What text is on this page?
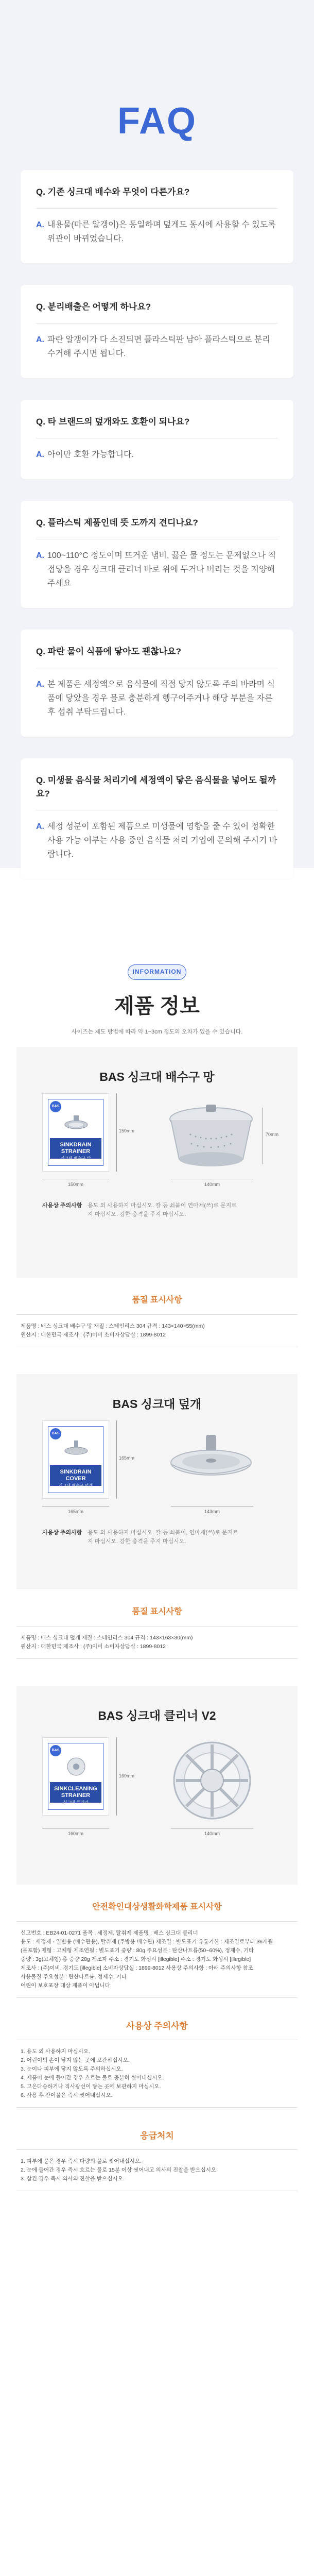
FAQ
Q. 기존 싱크대 배수와 무엇이 다른가요?
A. 내용물(마른 알갱이)은 동일하며 덮게도 동시에 사용할 수 있도록 위관이 바뀌었습니다.
Q. 분리배출은 어떻게 하나요?
A. 파란 알갱이가 다 소진되면 플라스틱판 남아 플라스틱으로 분리수거해 주시면 됩니다.
Q. 타 브랜드의 덮개와도 호환이 되나요?
A. 아이만 호환 가능합니다.
Q. 플라스틱 제품인데 뜻 도까지 견디나요?
A. 100~110°C 정도이며 뜨거운 냄비, 끓은 물 정도는 문제없으나 직접닿을 경우 싱크대 클리너 바로 위에 두거나 버리는 것을 지양해 주세요
Q. 파란 물이 식품에 닿아도 괜찮나요?
A. 본 제품은 세정액으로 음식물에 직접 닿지 않도록 주의 바라며 식품에 닿았을 경우 물로 충분하게 헹구어주거나 해당 부분을 자른 후 섭취 부탁드립니다.
Q. 미생물 음식물 처리기에 세정액이 닿은 음식물을 넣어도 될까요?
A. 세정 성분이 포함된 제품으로 미생물에 영향을 줄 수 있어 정확한 사용 가능 여부는 사용 중인 음식물 처리 기업에 문의해 주시기 바랍니다.
INFORMATION
제품 정보
사이즈는 제도 방법에 따라 약 1~3cm 정도의 오차가 있을 수 있습니다.
BAS 싱크대 배수구 망
BAS
SINKDRAIN STRAINER
싱크대 배수구 망
150mm
150mm
140mm
70mm
사용상 주의사항 용도 외 사용하지 마십시오. 칼 등 쇠붙이 연마제(쓰)로 문지르지 마십시오. 강한 충격을 주지 마십시오.
품질 표시사항
제품명 : 배스 싱크대 배수구 망 재질 : 스테인리스 304 규격 : 143×140×55(mm)
원산지 : 대한민국 제조사 : (주)이비 소비자상담실 : 1899-8012
BAS 싱크대 덮개
BAS
SINKDRAIN COVER
싱크대 배수구 덮개
165mm
165mm
143mm
사용상 주의사항 용도 외 사용하지 마십시오. 칼 등 쇠붙이, 연마제(쓰)로 문지르지 마십시오. 강한 충격을 주지 마십시오.
품질 표시사항
제품명 : 배스 싱크대 덮개 재질 : 스테인리스 304 규격 : 143×163×30(mm)
원산지 : 대한민국 제조사 : (주)이비 소비자상담실 : 1899-8012
BAS 싱크대 클리너 V2
BAS
SINKCLEANING STRAINER
싱크대 클리너
160mm
160mm
140mm
안전확인대상생활화학제품 표시사항
신고번호 : EB24-01-0271 품목 : 세정제, 탈취제 제품명 : 배스 싱크대 클리너
용도 : 세정제 - 일반용 (배수관용), 탈취제 (주방용 배수관) 제조일 : 별도표기 유통기한 : 제조일로부터 36개월
(불포함) 제형 : 고체형 제조연월 : 별도표기 중량 : 80g 주요성분 : 탄산나트륨(50~60%), 정제수, 기타
중량 : 3g(고체형) 총 중량 28g 제조자 주소 : 경기도 화성시 [illegible] 주소 : 경기도 화성시 [illegible]
제조사 : (주)이비, 경기도 [illegible] 소비자상담실 : 1899-8012 사용상 주의사항 : 아래 주의사항 참조
사용물질 주요성분 : 탄산나트륨, 정제수, 기타
어린이 보호포장 대상 제품이 아닙니다.
사용상 주의사항
1. 용도 외 사용하지 마십시오.
2. 어린이의 손이 닿지 않는 곳에 보관하십시오.
3. 눈이나 피부에 닿지 않도록 주의하십시오.
4. 제품이 눈에 들어간 경우 흐르는 물로 충분히 씻어내십시오.
5. 고온다습하거나 직사광선이 닿는 곳에 보관하지 마십시오.
6. 사용 후 잔여물은 즉시 씻어내십시오.
응급처치
1. 피부에 묻은 경우 즉시 다량의 물로 씻어내십시오.
2. 눈에 들어간 경우 즉시 흐르는 물로 15분 이상 씻어내고 의사의 진찰을 받으십시오.
3. 삼킨 경우 즉시 의사의 진찰을 받으십시오.
